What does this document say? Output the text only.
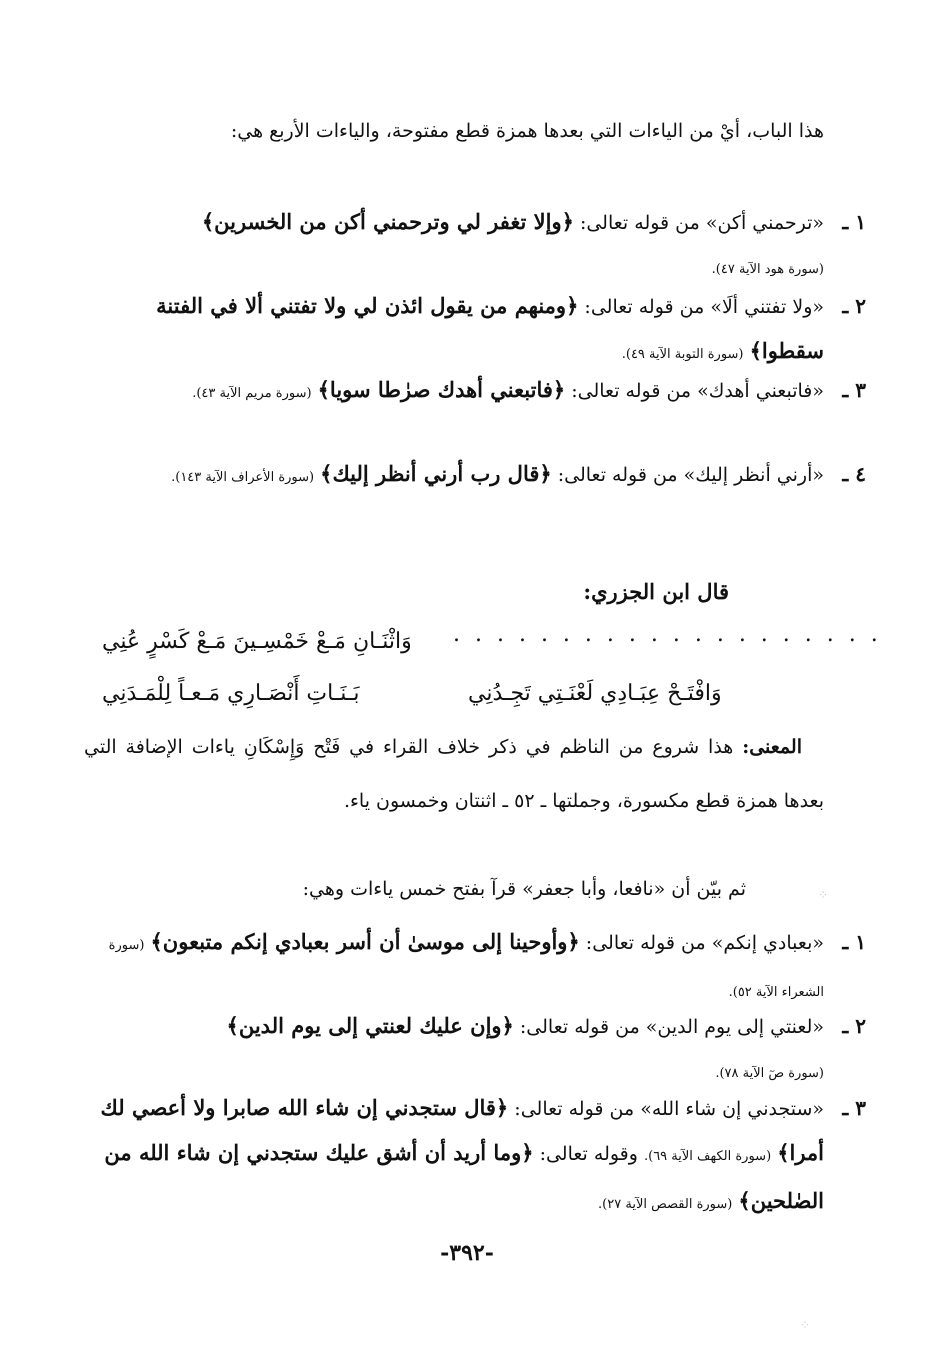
هذا الباب، أيْ من الياءات التي بعدها همزة قطع مفتوحة، والياءات الأربع هي:
١ ـ
«ترحمني أكن» من قوله تعالى: ﴿وإلا تغفر لي وترحمني أكن من الخسرين﴾
(سورة هود الآية ٤٧).
٢ ـ
«ولا تفتني ألَا» من قوله تعالى: ﴿ومنهم من يقول ائذن لي ولا تفتني ألا في الفتنة سقطوا﴾ (سورة التوبة الآية ٤٩).
٣ ـ
«فاتبعني أهدك» من قوله تعالى: ﴿فاتبعني أهدك صرٰطا سويا﴾ (سورة مريم الآية ٤٣).
٤ ـ
«أرني أنظر إليك» من قوله تعالى: ﴿قال رب أرني أنظر إليك﴾ (سورة الأعراف الآية ١٤٣).
قال ابن الجزري:
. . . . . . . . . . . . . . . . . . . .
وَاثْنَـانِ مَـعْ خَمْسِـينَ مَـعْ كَسْرٍ عُنِي
وَافْتَـحْ عِبَـادِي لَعْنَـتِي تَجِـدُنِي
بَـنَـاتِ أَنْصَـارِي مَـعـاً لِلْمَـدَنِي
المعنى: هذا شروع من الناظم في ذكر خلاف القراء في فَتْح وَإِسْكَانِ ياءات الإضافة التي بعدها همزة قطع مكسورة، وجملتها ـ ٥٢ ـ اثنتان وخمسون ياء.
ثم بيّن أن «نافعا، وأبا جعفر» قرآ بفتح خمس ياءات وهي:
١ ـ
«بعبادي إنكم» من قوله تعالى: ﴿وأوحينا إلى موسىٰ أن أسر بعبادي إنكم متبعون﴾ (سورة الشعراء الآية ٥٢).
٢ ـ
«لعنتي إلى يوم الدين» من قوله تعالى: ﴿وإن عليك لعنتي إلى يوم الدين﴾
(سورة صٓ الآية ٧٨).
٣ ـ
«ستجدني إن شاء الله» من قوله تعالى: ﴿قال ستجدني إن شاء الله صابرا ولا أعصي لك أمرا﴾ (سورة الكهف الآية ٦٩). وقوله تعالى: ﴿وما أريد أن أشق عليك ستجدني إن شاء الله من الصٰلحين﴾ (سورة القصص الآية ٢٧).
-٣٩٢-
⁘
⁘
